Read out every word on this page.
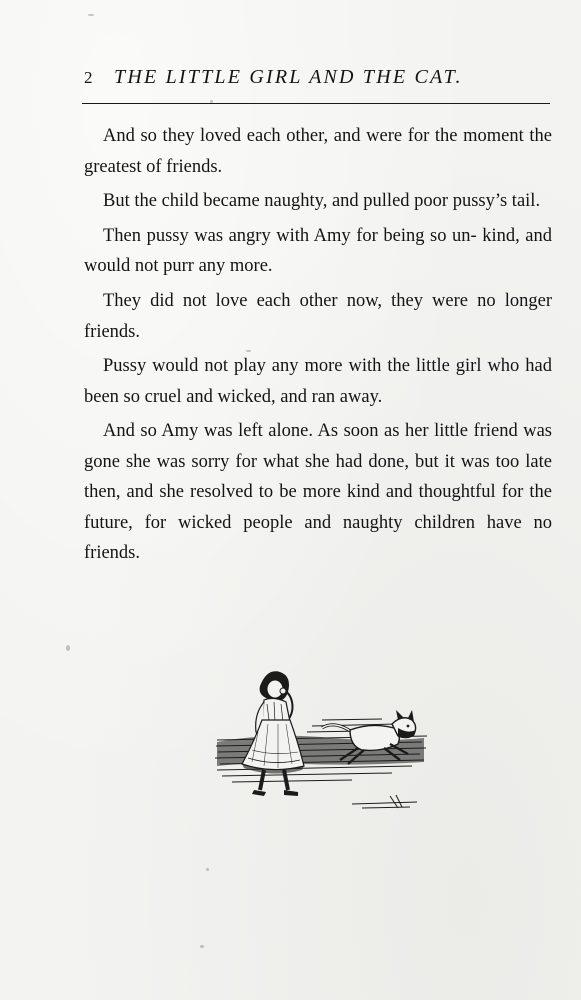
2	THE LITTLE GIRL AND THE CAT.

And so they loved each other, and were for the moment the greatest of friends.

But the child became naughty, and pulled poor pussy’s tail.

Then pussy was angry with Amy for being so un- kind, and would not purr any more.

They did not love each other now, they were no longer friends.

Pussy would not play any more with the little girl who had been so cruel and wicked, and ran away.

And so Amy was left alone. As soon as her little friend was gone she was sorry for what she had done, but it was too late then, and she resolved to be more kind and thoughtful for the future, for wicked people and naughty children have no friends.
